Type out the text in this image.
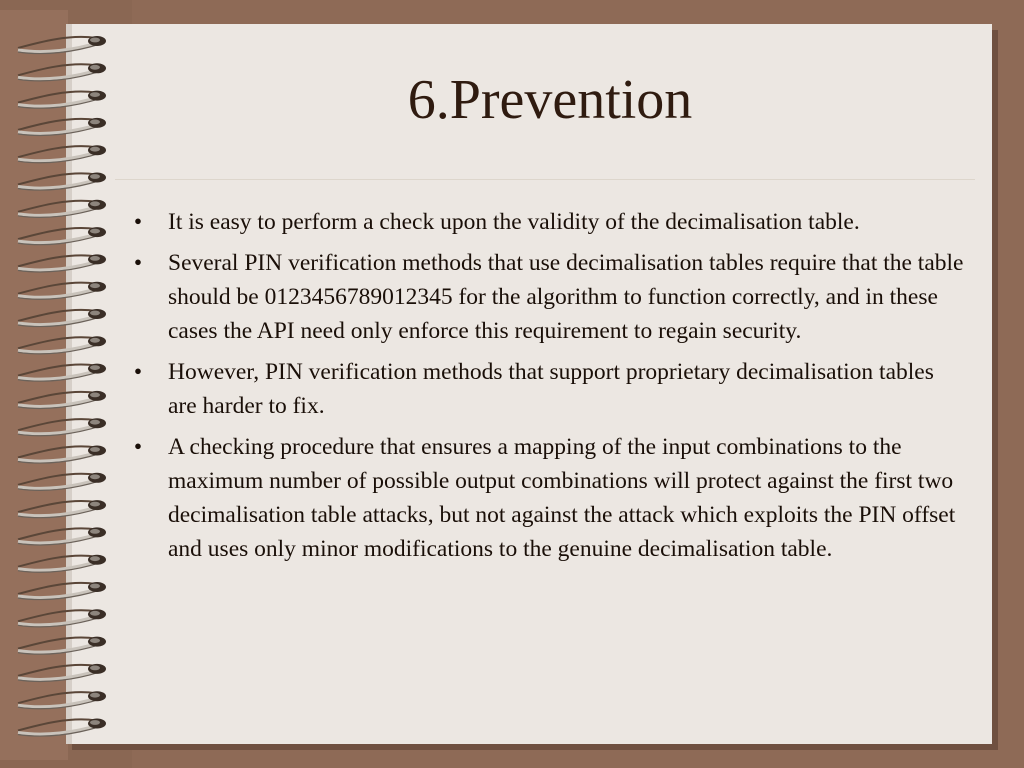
6.Prevention
• It is easy to perform a check upon the validity of the decimalisation table.
• Several PIN verification methods that use decimalisation tables require that the table should be 0123456789012345 for the algorithm to function correctly, and in these cases the API need only enforce this requirement to regain security.
• However, PIN verification methods that support proprietary decimalisation tables are harder to fix.
• A checking procedure that ensures a mapping of the input combinations to the maximum number of possible output combinations will protect against the first two decimalisation table attacks, but not against the attack which exploits the PIN offset and uses only minor modifications to the genuine decimalisation table.
